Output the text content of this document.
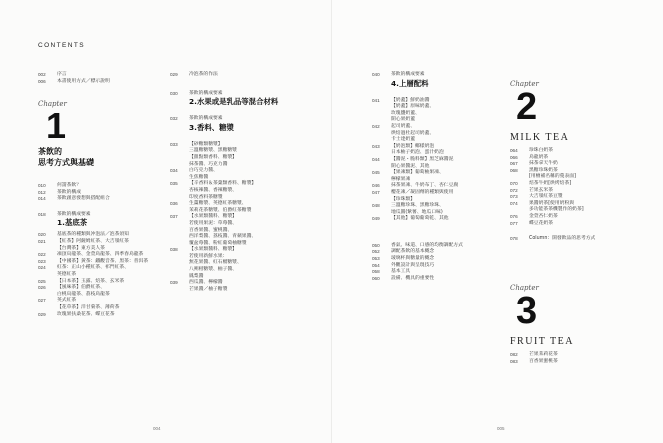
CONTENTS
002	序言
006	本書使用方式／標示說明
Chapter
1
茶飲的
思考方式與基礎
010	何謂茶飲？
012	茶飲的構成
014	茶飲創意發想與搭配組合
018	茶飲的構成要素
1.基底茶
020	基底茶的種類與沖泡法／泡茶須知
021	【紅茶】阿薩姆紅茶、大吉嶺紅茶
【台灣茶】東方美人茶
022	凍頂烏龍茶、金萱烏龍茶、四季春烏龍茶
023	【中國茶】黃茶：鐵觀音茶、黑茶：普洱茶
024	紅茶：正山小種紅茶、祁門紅茶、
英德紅茶
025	【日本茶】玉露、焙茶、玄米茶
026	【風味茶】伯爵紅茶、
白桃烏龍茶、荔枝烏龍茶
027	英式紅茶
【花草茶】洋甘菊茶、薄荷茶
029	玫瑰果扶桑花茶、蝶豆花茶
029	冷泡茶的作法
030	茶飲的構成要素
2.水果或是乳品等混合材料
032	茶飲的構成要素
3.香料、糖漿
033	【砂糖類糖漿】
三溫糖糖漿、黑糖糖漿
【甜點類香料、糖漿】
抹茶醬、巧克力醬
034	白巧克力醬、
生焦糖醬
035	【辛香料＆茶葉類香料、糖漿】
杏核辣醬、香辣糖漿、
印度香料茶糖漿
036	生薑糖漿、英德紅茶糖漿、
茉莉花茶糖漿、伯爵紅茶糖漿
037	【水果類醬料、糖漿】
若使用果泥：草莓醬、
百香果醬、蜜桃醬、
西洋梨醬、荔枝醬、青蘋果醬、
覆盆莓醬、粉紅葡萄柚糖漿
038	【水果類醬料、糖漿】
若使用新鮮水果：
無花果醬、紅石榴糖漿、
八朔柑糖漿、柚子醬、
鳳梨醬
039	西瓜醬、檸檬醬
芒果醬／柚子糖漿
004
040	茶飲的構成要素
4.上層配料
041	【奶蓋】鮮奶油醬
【奶蓋】原味奶蓋、
玫瑰鹽奶蓋、
開心果奶蓋
042	起司奶蓋、
烘焙過杜起司奶蓋、
卡士達奶蓋
043	【奶泡類】椰樣奶泡
日本柚子奶泡、蛋汁奶泡
044	【醬泥・脆料類】黑芝麻醬泥
開心果醬泥、其他
045	【果凍類】葡萄柚果凍、
檸檬果凍
046	抹茶果凍、牛奶布丁、杏仁豆腐
047	櫻花凍／凝固劑的種類與使用
【珍珠類】
048	三溫糖珍珠、黑糖珍珠、
地瓜圓(紫薯、地瓜口味)
049	【其他】葡萄葡萄乾、其他
050	香氣、味道、口感的均衡調配方式
052	調配茶飲的基本概念
053	玻璃杯與糖量的概念
054	外觀設計與呈現技巧
058	基本工具
060	設備、機具的重要性
Chapter
2
MILK TEA
064	珍珠白奶茶
066	烏龍奶茶
067	抹茶拿天牛奶
068	黑糖珍珠奶茶
[用檀補名稱的蔓表面]
070	焙茶牛奶[烘烤焙茶]
072	芒果玄米茶
073	大吉嶺紅茶豆漿
074	果醬奶茶[使用奶粉與
多功能茶茶機製作的奶茶]
076	金萱杏仁奶茶
077	蝶豆花奶茶
078	Column：開發飲品的思考方式
Chapter
3
FRUIT TEA
082	芒果茉莉花茶
083	百香果蜜桃茶
005
